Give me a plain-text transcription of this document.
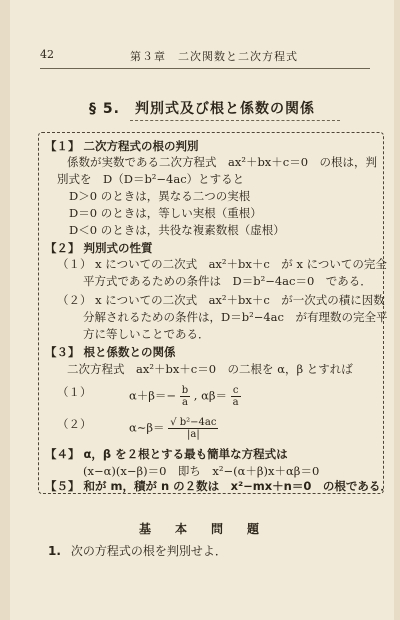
42	第３章　二次関数と二次方程式
§ 5.　判別式及び根と係数の関係
【１】 二次方程式の根の判別
係数が実数である二次方程式　ax²＋bx＋c＝0　の根は，判
別式を　D（D＝b²−4ac）とすると
D＞0 のときは，異なる二つの実根
D＝0 のときは，等しい実根（重根）
D＜0 のときは，共役な複素数根（虚根）
【２】 判別式の性質
（１） x についての二次式　ax²＋bx＋c　が x についての完全
平方式であるための条件は　D＝b²−4ac＝0　である．
（２） x についての二次式　ax²＋bx＋c　が一次式の積に因数
分解されるための条件は，D＝b²−4ac　が有理数の完全平
方に等しいことである．
【３】 根と係数との関係
二次方程式　ax²＋bx＋c＝0　の二根を α，β とすれば
（１）	$\alpha+\beta=- \frac{b}{a}$ , $\alpha\beta= \frac{c}{a}$
（２）	α∼β＝ $\frac{\text{√ b²−4ac}}{|a|}$
【４】 α，β を２根とする最も簡単な方程式は
(x−α)(x−β)＝0　即ち　x²−(α＋β)x＋αβ＝0
【５】 和が m，積が n の２数は　x²−mx＋n＝0　の根である．
基　本　問　題
1. 次の方程式の根を判別せよ．
